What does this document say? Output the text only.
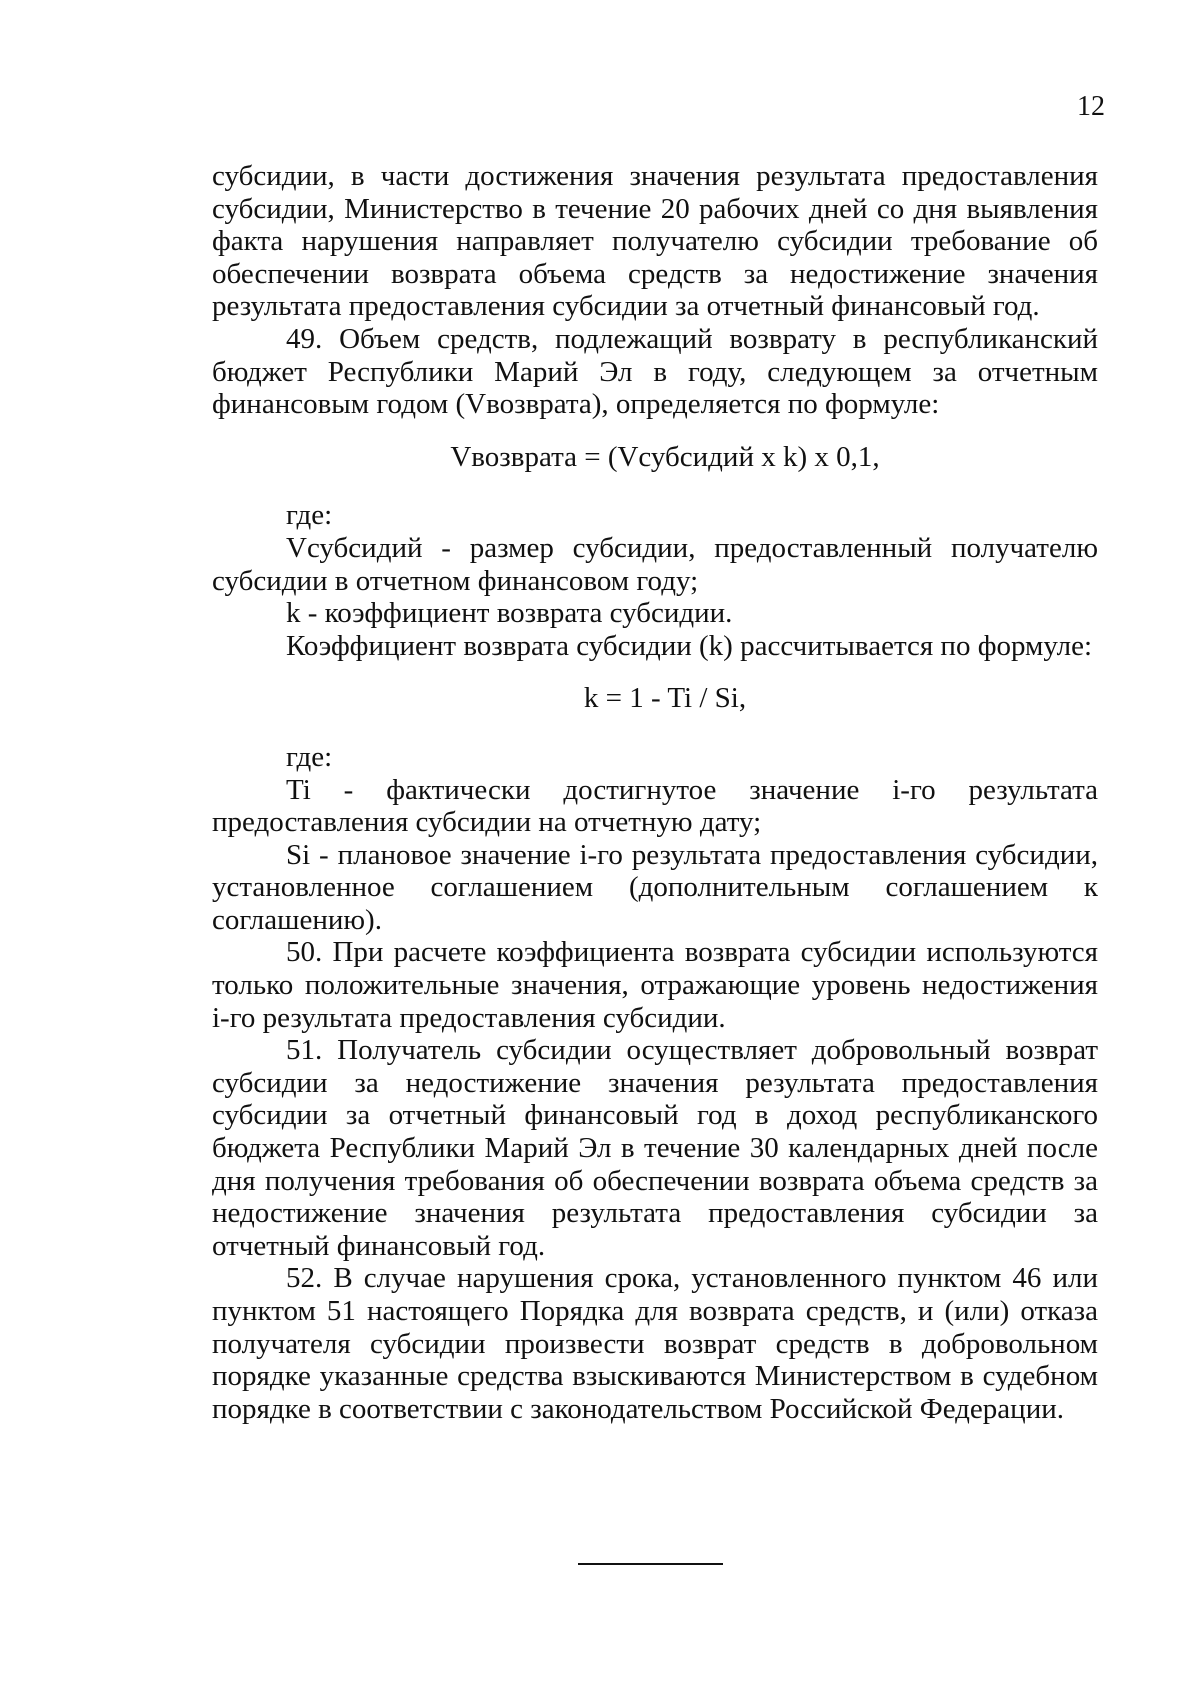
12

субсидии, в части достижения значения результата предоставления субсидии, Министерство в течение 20 рабочих дней со дня выявления факта нарушения направляет получателю субсидии требование об обеспечении возврата объема средств за недостижение значения результата предоставления субсидии за отчетный финансовый год.

49. Объем средств, подлежащий возврату в республиканский бюджет Республики Марий Эл в году, следующем за отчетным финансовым годом (Vвозврата), определяется по формуле:

Vвозврата = (Vсубсидий x k) x 0,1,

где:

Vсубсидий - размер субсидии, предоставленный получателю субсидии в отчетном финансовом году;

k - коэффициент возврата субсидии.

Коэффициент возврата субсидии (k) рассчитывается по формуле:

k = 1 - Ti / Si,

где:

Ti - фактически достигнутое значение i-го результата предоставления субсидии на отчетную дату;

Si - плановое значение i-го результата предоставления субсидии, установленное соглашением (дополнительным соглашением к соглашению).

50. При расчете коэффициента возврата субсидии используются только положительные значения, отражающие уровень недостижения i-го результата предоставления субсидии.

51. Получатель субсидии осуществляет добровольный возврат субсидии за недостижение значения результата предоставления субсидии за отчетный финансовый год в доход республиканского бюджета Республики Марий Эл в течение 30 календарных дней после дня получения требования об обеспечении возврата объема средств за недостижение значения результата предоставления субсидии за отчетный финансовый год.

52. В случае нарушения срока, установленного пунктом 46 или пунктом 51 настоящего Порядка для возврата средств, и (или) отказа получателя субсидии произвести возврат средств в добровольном порядке указанные средства взыскиваются Министерством в судебном порядке в соответствии с законодательством Российской Федерации.
